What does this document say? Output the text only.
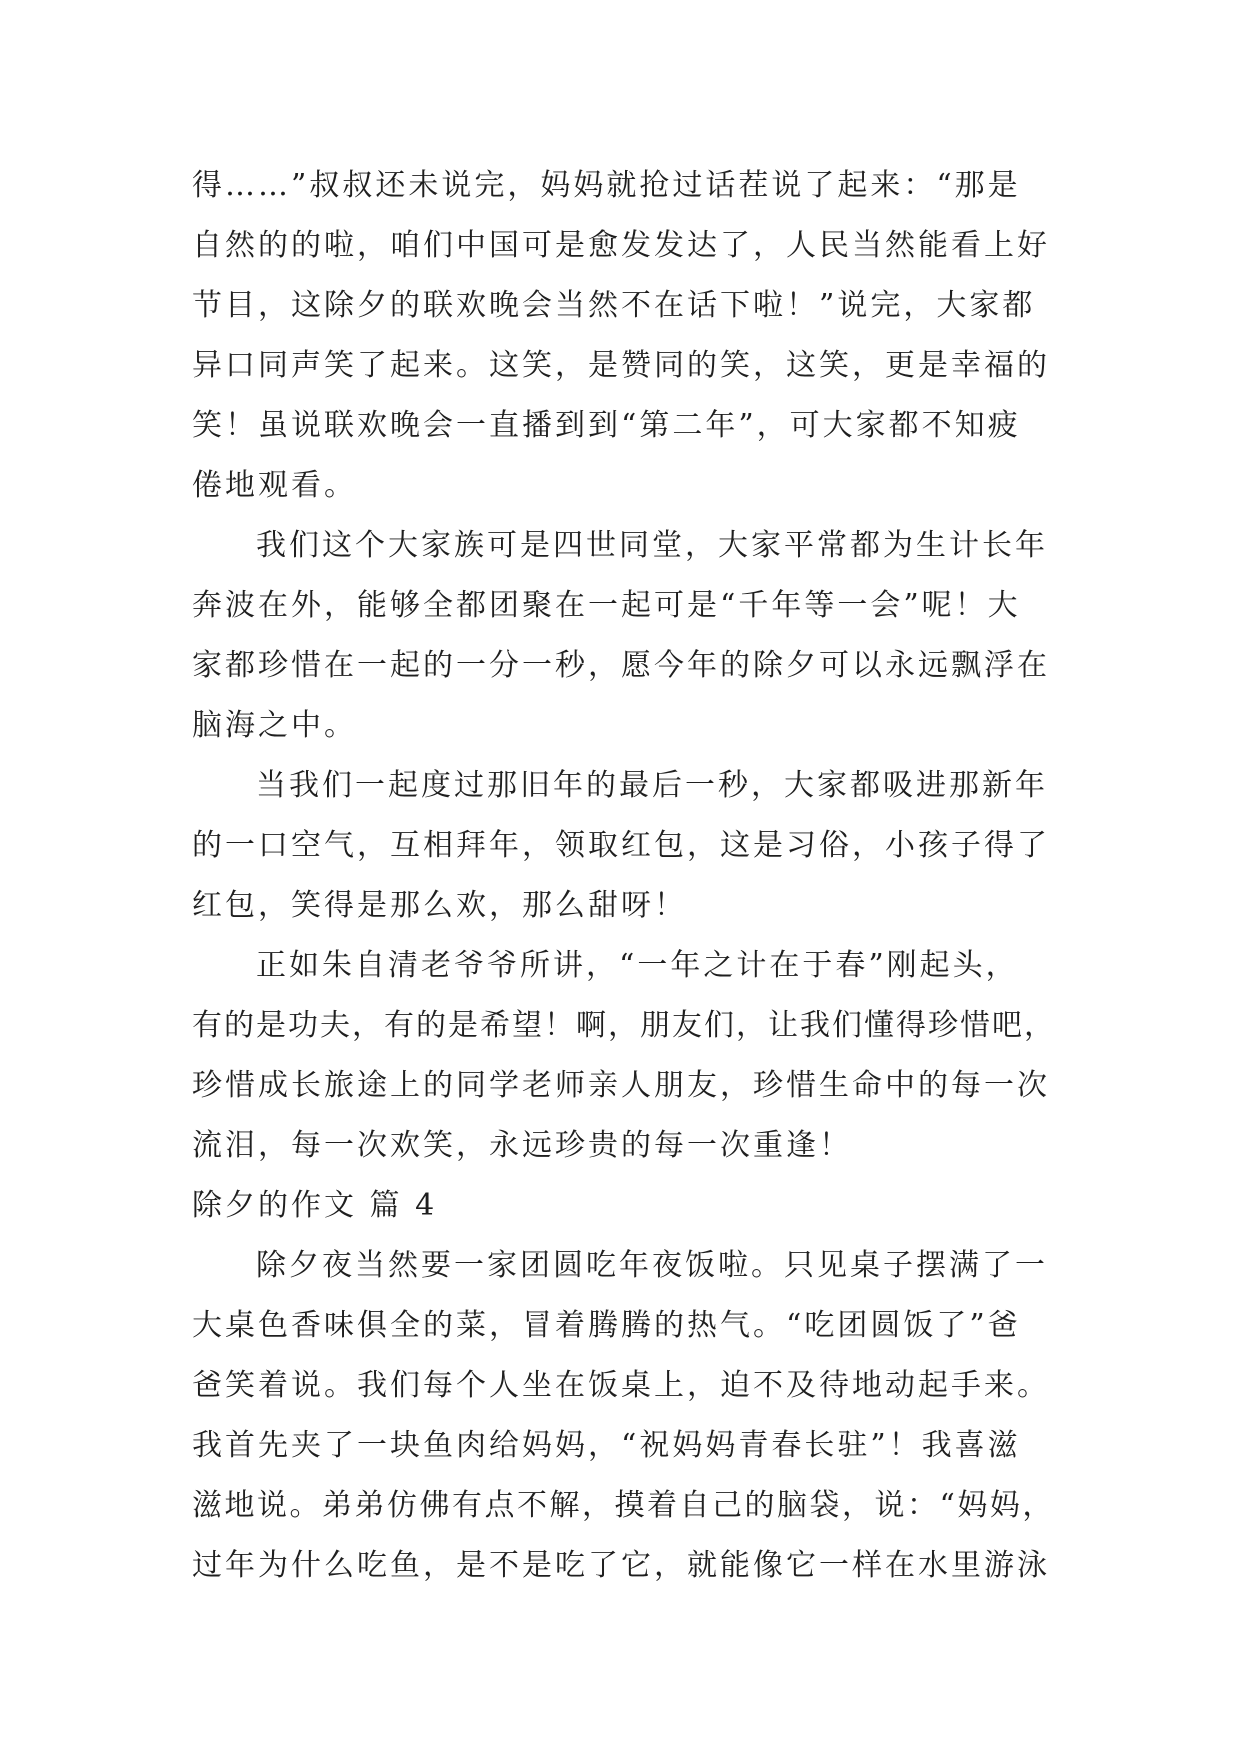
得……”叔叔还未说完，妈妈就抢过话茬说了起来：“那是
自然的的啦，咱们中国可是愈发发达了，人民当然能看上好
节目，这除夕的联欢晚会当然不在话下啦！”说完，大家都
异口同声笑了起来。这笑，是赞同的笑，这笑，更是幸福的
笑！虽说联欢晚会一直播到到“第二年”，可大家都不知疲
倦地观看。
我们这个大家族可是四世同堂，大家平常都为生计长年
奔波在外，能够全都团聚在一起可是“千年等一会”呢！大
家都珍惜在一起的一分一秒，愿今年的除夕可以永远飘浮在
脑海之中。
当我们一起度过那旧年的最后一秒，大家都吸进那新年
的一口空气，互相拜年，领取红包，这是习俗，小孩子得了
红包，笑得是那么欢，那么甜呀！
正如朱自清老爷爷所讲，“一年之计在于春”刚起头，
有的是功夫，有的是希望！啊，朋友们，让我们懂得珍惜吧，
珍惜成长旅途上的同学老师亲人朋友，珍惜生命中的每一次
流泪，每一次欢笑，永远珍贵的每一次重逢！
除夕的作文 篇 4
除夕夜当然要一家团圆吃年夜饭啦。只见桌子摆满了一
大桌色香味俱全的菜，冒着腾腾的热气。“吃团圆饭了”爸
爸笑着说。我们每个人坐在饭桌上，迫不及待地动起手来。
我首先夹了一块鱼肉给妈妈，“祝妈妈青春长驻”！我喜滋
滋地说。弟弟仿佛有点不解，摸着自己的脑袋，说：“妈妈，
过年为什么吃鱼，是不是吃了它，就能像它一样在水里游泳
